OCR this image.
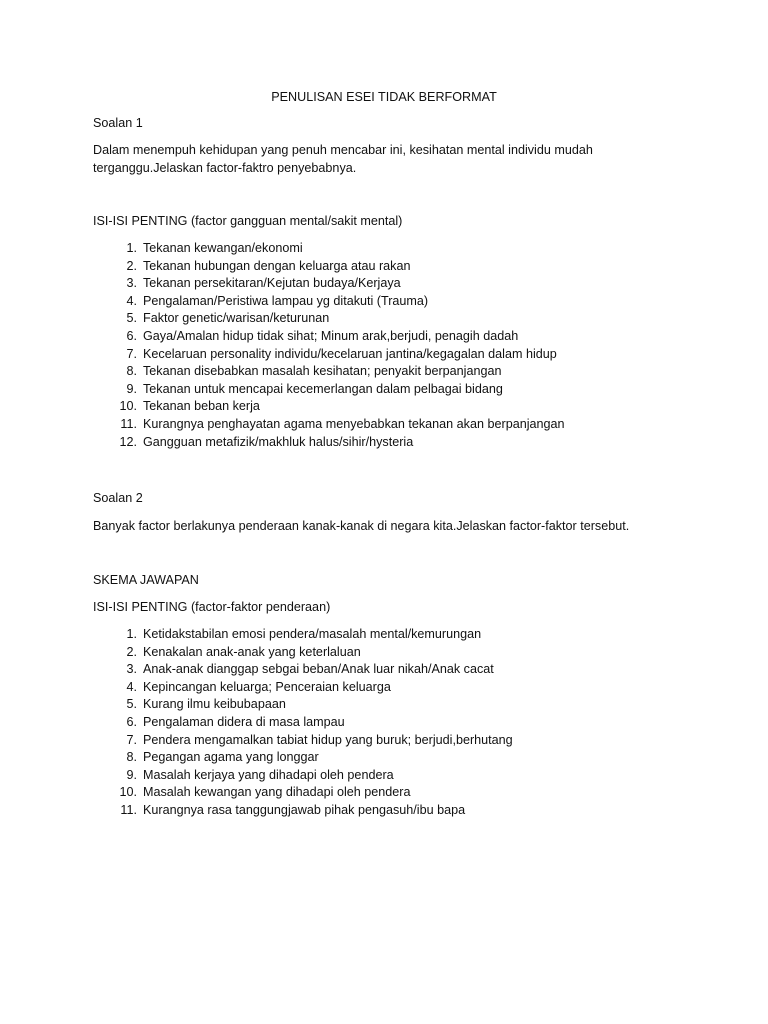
PENULISAN ESEI TIDAK BERFORMAT
Soalan 1
Dalam menempuh kehidupan yang penuh mencabar ini, kesihatan mental individu mudah
terganggu.Jelaskan factor-faktro penyebabnya.
ISI-ISI PENTING (factor gangguan mental/sakit mental)
1. Tekanan kewangan/ekonomi
2. Tekanan hubungan dengan keluarga atau rakan
3. Tekanan persekitaran/Kejutan budaya/Kerjaya
4. Pengalaman/Peristiwa lampau yg ditakuti (Trauma)
5. Faktor genetic/warisan/keturunan
6. Gaya/Amalan hidup tidak sihat; Minum arak,berjudi, penagih dadah
7. Kecelaruan personality individu/kecelaruan jantina/kegagalan dalam hidup
8. Tekanan disebabkan masalah kesihatan; penyakit berpanjangan
9. Tekanan untuk mencapai kecemerlangan dalam pelbagai bidang
10. Tekanan beban kerja
11. Kurangnya penghayatan agama menyebabkan tekanan akan berpanjangan
12. Gangguan metafizik/makhluk halus/sihir/hysteria
Soalan 2
Banyak factor berlakunya penderaan kanak-kanak di negara kita.Jelaskan factor-faktor tersebut.
SKEMA JAWAPAN
ISI-ISI PENTING (factor-faktor penderaan)
1. Ketidakstabilan emosi pendera/masalah mental/kemurungan
2. Kenakalan anak-anak yang keterlaluan
3. Anak-anak dianggap sebgai beban/Anak luar nikah/Anak cacat
4. Kepincangan keluarga; Penceraian keluarga
5. Kurang ilmu keibubapaan
6. Pengalaman didera di masa lampau
7. Pendera mengamalkan tabiat hidup yang buruk; berjudi,berhutang
8. Pegangan agama yang longgar
9. Masalah kerjaya yang dihadapi oleh pendera
10. Masalah kewangan yang dihadapi oleh pendera
11. Kurangnya rasa tanggungjawab pihak pengasuh/ibu bapa
